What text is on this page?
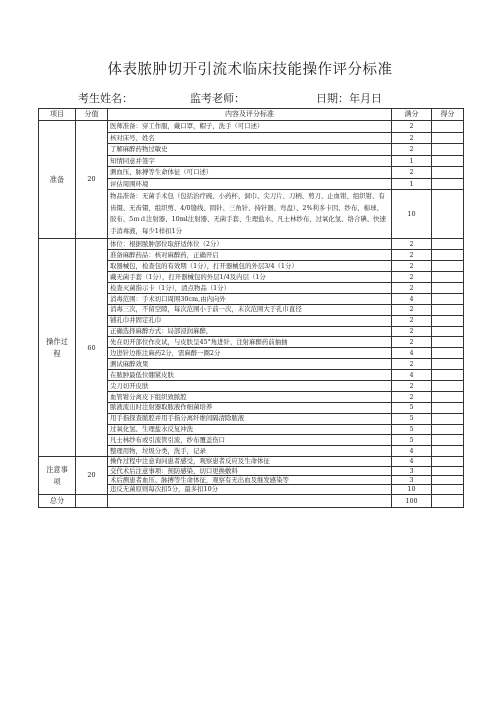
体表脓肿切开引流术临床技能操作评分标准
考生姓名：	监考老师：	日期：年月日
项目	分值	内容及评分标准	满分	得分
准备	20	医师准备：穿工作服，戴口罩，帽子，洗手（可口述）	2	
		核对床号、姓名	2	
		了解麻醉药物过敏史	2	
		知情同意并签字	1	
		测血压、脉搏等生命体征（可口述）	2	
		评估周围环境	1	
		物品准备：无菌手术包（包括治疗碗、小药杯、洞巾、尖刀片、刀柄、剪刀、止血钳、组织钳、有齿镊、无齿镊、组织剪、4/0缝线、圆针、三角针、持针器、弯盘）、2%利多卡因、纱布、棉球、胶布、5ｍｄ注射器、10ml注射器、无菌手套、生理盐水、凡士林纱布、过氧化氢、络合碘、快速手消毒液，每少1样扣1分	10	
操作过程	60	体位：根据脓肿部位取舒适体位（2分）	2	
		准备麻醉药品：核对麻醉药，正确开启	2	
		取器械包，检查包的有效期（1分），打开器械包的外层3/4（1分）	2	
		戴无菌手套（1分），打开器械包的外层1/4及内层（1分	2	
		检查灭菌指示卡（1分），清点物品（1分）	2	
		消毒范围：手术切口周围30cm,由内向外	4	
		消毒三次，不留空隙，每次范围小于前一次，末次范围大于孔巾直径	2	
		铺孔巾并固定孔巾	2	
		正确选择麻醉方式：局部浸润麻醉，	2	
		先在切开部位作皮试，与皮肤呈45°角进针，注射麻醉药前抽抽	2	
		边进针边推注麻药2分，需麻醉一圈2分	4	
		测试麻醉效果	2	
		在脓肿最低位绷紧皮肤	4	
		尖刀切开皮肤	2	
		血管钳分离皮下组织致脓腔	2	
		脓液流出时注射器取脓液作细菌培养	5	
		用手指探查脓腔并用手指分离纤维间隔清除脓液	5	
		过氧化氢、生理盐水反复冲洗	5	
		凡士林纱布或引流管引流，纱布覆盖伤口	5	
		整理用物，垃圾分类，洗手，记录	4	
注意事项	20	操作过程中注意询问患者感受，观察患者反应及生命体征	4	
		交代术后注意事项：预防感染，切口更换敷料	3	
		术后测患者血压、脉搏等生命体征，观察有无出血及继发感染等	3	
		违反无菌原则每次扣5分，最多扣10分	10	
总分			100	
